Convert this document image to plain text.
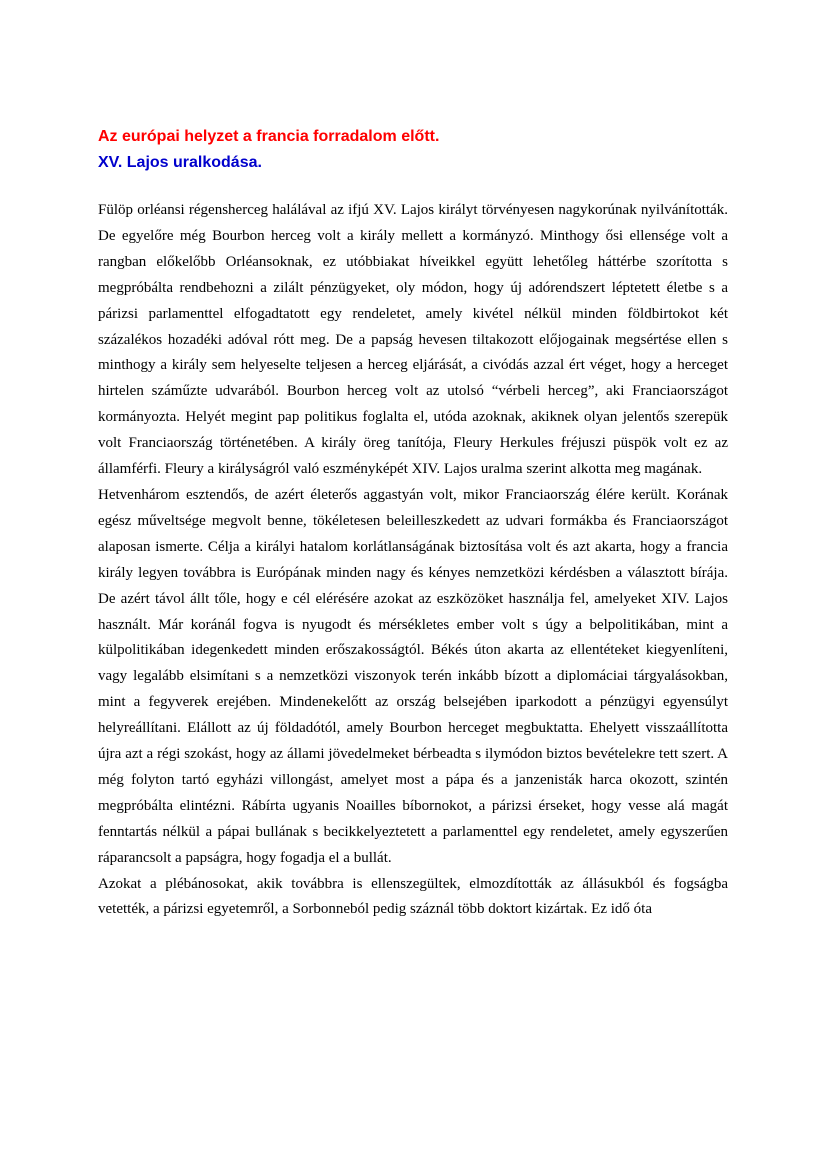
Az európai helyzet a francia forradalom előtt.
XV. Lajos uralkodása.

Fülöp orléansi régensherceg halálával az ifjú XV. Lajos királyt törvényesen nagykorúnak nyilvánították. De egyelőre még Bourbon herceg volt a király mellett a kormányzó. Minthogy ősi ellensége volt a rangban előkelőbb Orléansoknak, ez utóbbiakat híveikkel együtt lehetőleg háttérbe szorította s megpróbálta rendbehozni a zilált pénzügyeket, oly módon, hogy új adórendszert léptetett életbe s a párizsi parlamenttel elfogadtatott egy rendeletet, amely kivétel nélkül minden földbirtokot két százalékos hozadéki adóval rótt meg. De a papság hevesen tiltakozott előjogainak megsértése ellen s minthogy a király sem helyeselte teljesen a herceg eljárását, a civódás azzal ért véget, hogy a herceget hirtelen száműzte udvarából. Bourbon herceg volt az utolsó “vérbeli herceg”, aki Franciaországot kormányozta. Helyét megint pap politikus foglalta el, utóda azoknak, akiknek olyan jelentős szerepük volt Franciaország történetében. A király öreg tanítója, Fleury Herkules fréjuszi püspök volt ez az államférfi. Fleury a királyságról való eszményképét XIV. Lajos uralma szerint alkotta meg magának.

Hetvenhárom esztendős, de azért életerős aggastyán volt, mikor Franciaország élére került. Korának egész műveltsége megvolt benne, tökéletesen beleilleszkedett az udvari formákba és Franciaországot alaposan ismerte. Célja a királyi hatalom korlátlanságának biztosítása volt és azt akarta, hogy a francia király legyen továbbra is Európának minden nagy és kényes nemzetközi kérdésben a választott bírája. De azért távol állt tőle, hogy e cél elérésére azokat az eszközöket használja fel, amelyeket XIV. Lajos használt. Már koránál fogva is nyugodt és mérsékletes ember volt s úgy a belpolitikában, mint a külpolitikában idegenkedett minden erőszakosságtól. Békés úton akarta az ellentéteket kiegyenlíteni, vagy legalább elsimítani s a nemzetközi viszonyok terén inkább bízott a diplomáciai tárgyalásokban, mint a fegyverek erejében. Mindenekelőtt az ország belsejében iparkodott a pénzügyi egyensúlyt helyreállítani. Elállott az új földadótól, amely Bourbon herceget megbuktatta. Ehelyett visszaállította újra azt a régi szokást, hogy az állami jövedelmeket bérbeadta s ilymódon biztos bevételekre tett szert. A még folyton tartó egyházi villongást, amelyet most a pápa és a janzenisták harca okozott, szintén megpróbálta elintézni. Rábírta ugyanis Noailles bíbornokot, a párizsi érseket, hogy vesse alá magát fenntartás nélkül a pápai bullának s becikkelyeztetett a parlamenttel egy rendeletet, amely egyszerűen ráparancsolt a papságra, hogy fogadja el a bullát.

Azokat a plébánosokat, akik továbbra is ellenszegültek, elmozdították az állásukból és fogságba vetették, a párizsi egyetemről, a Sorbonneból pedig száznál több doktort kizártak. Ez idő óta
